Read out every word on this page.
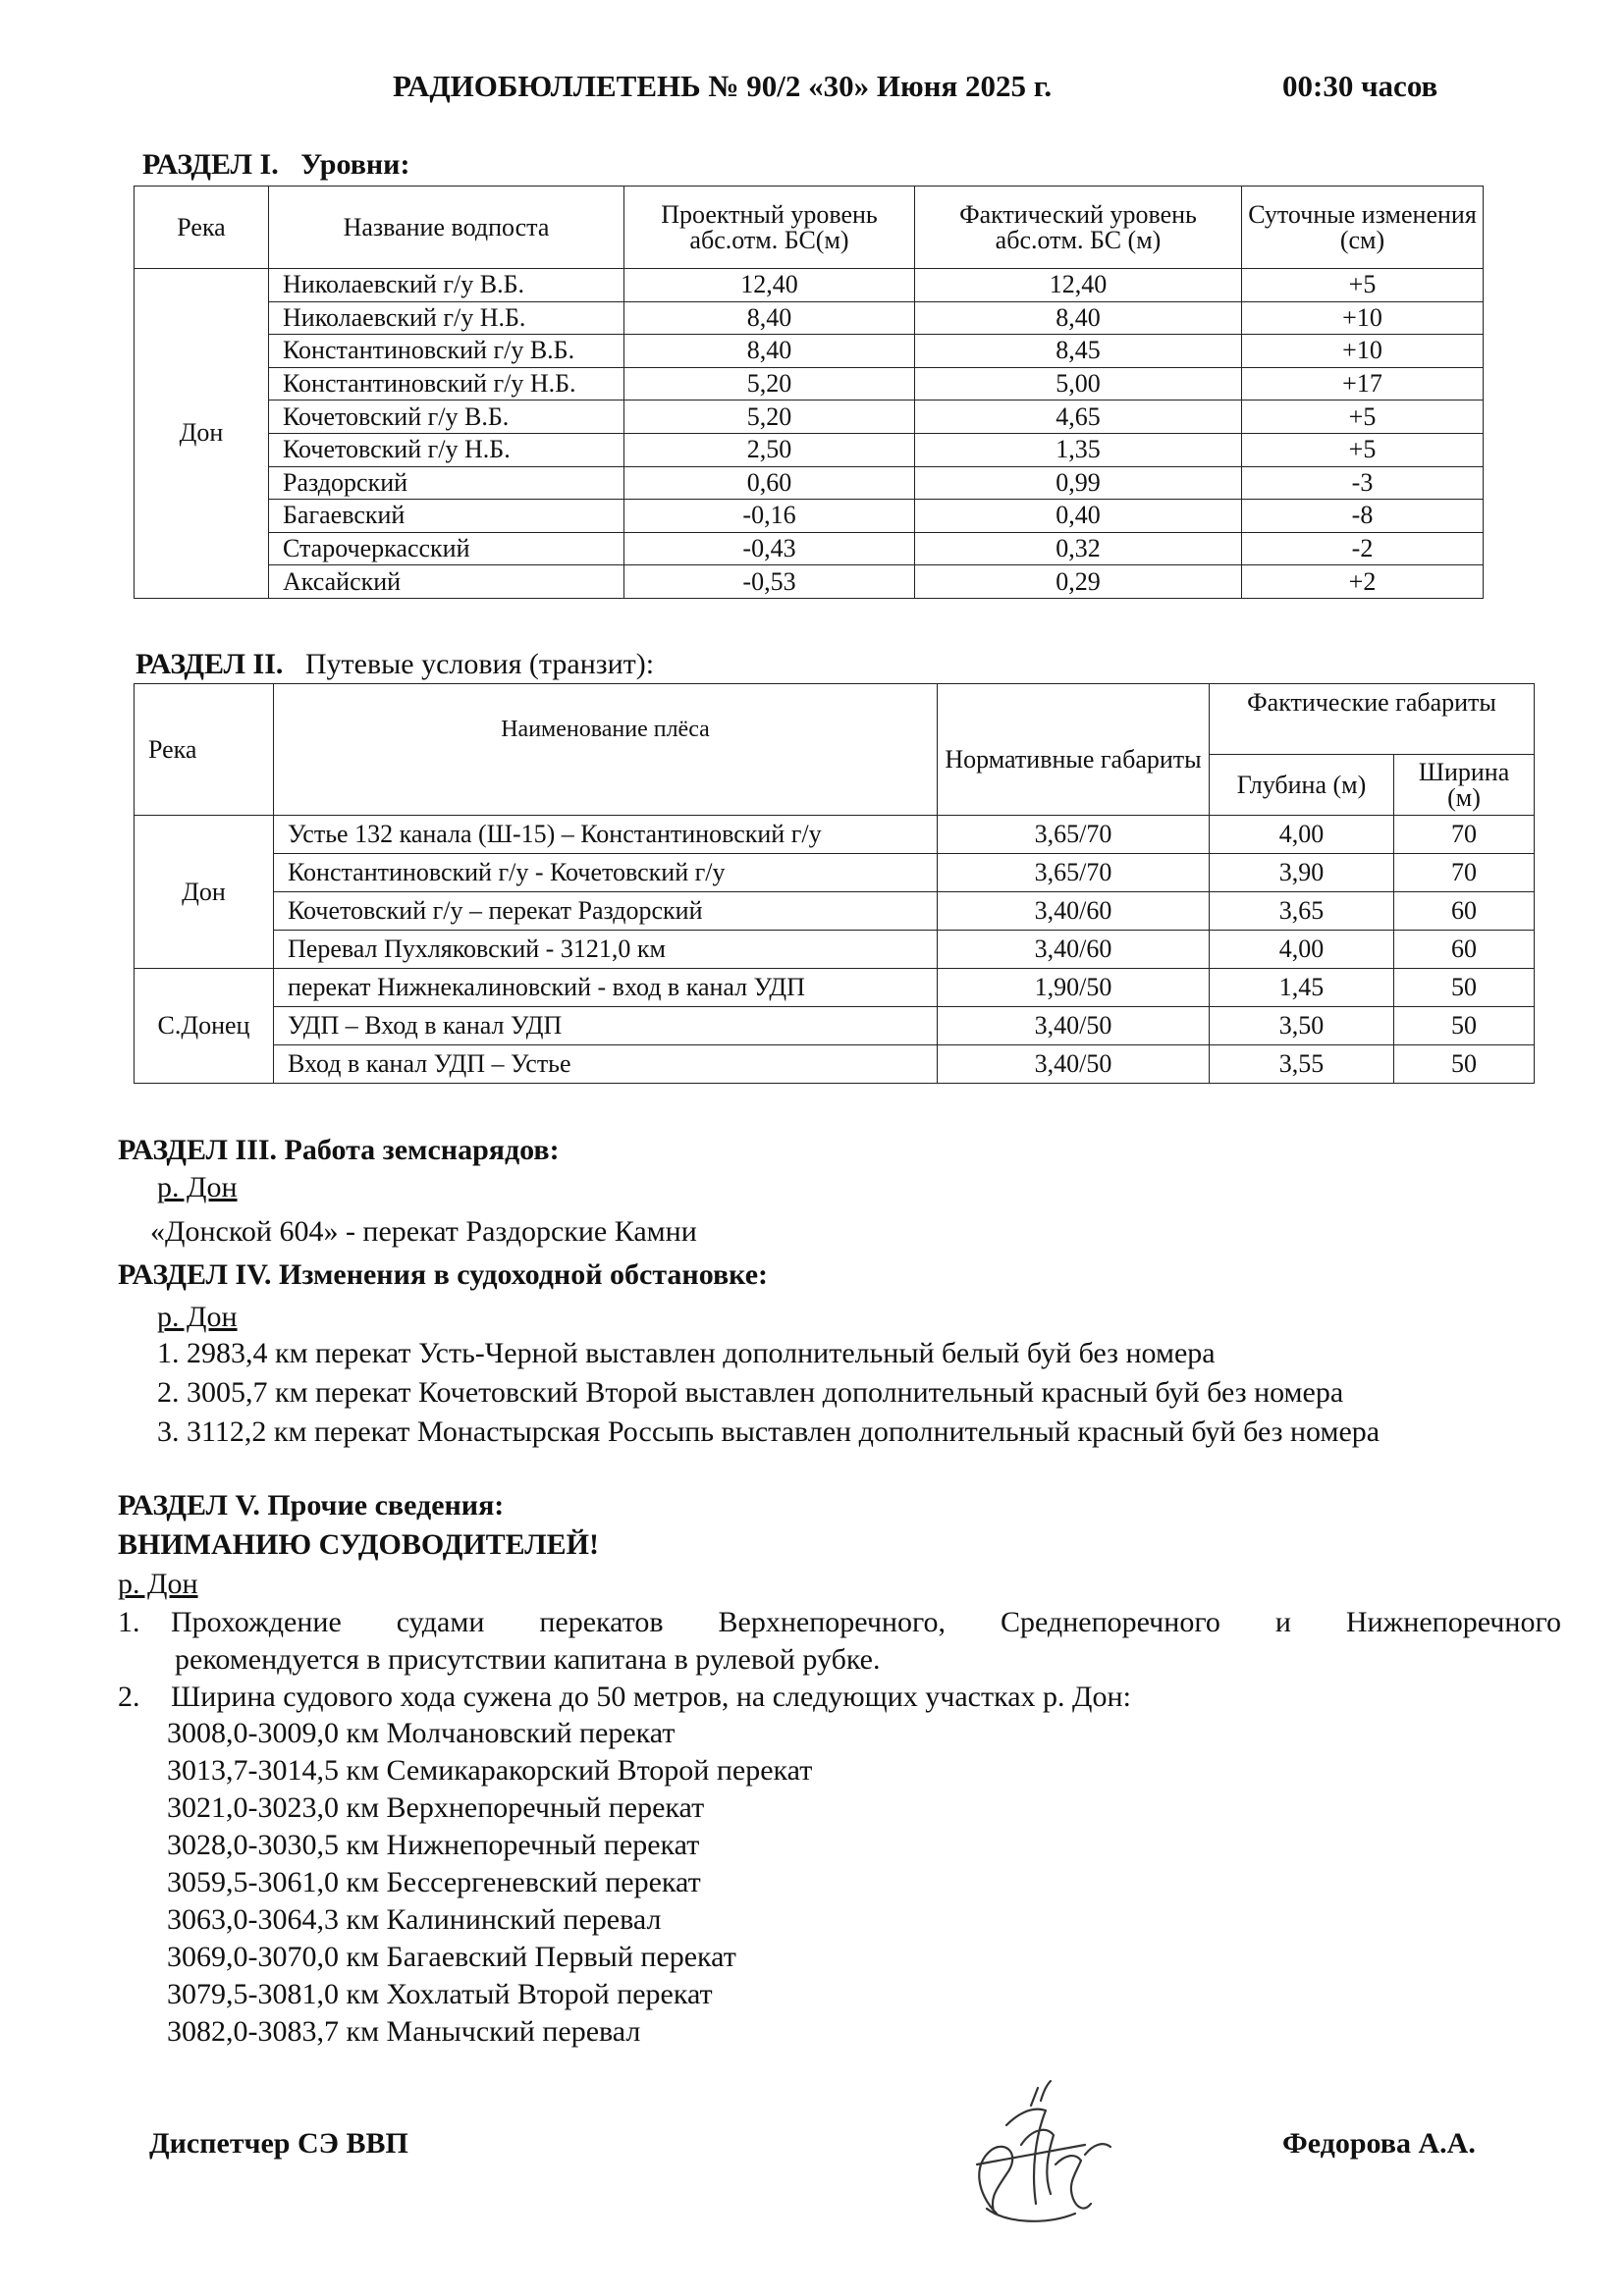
РАДИОБЮЛЛЕТЕНЬ № 90/2 «30» Июня 2025 г.	00:30 часов
РАЗДЕЛ I. Уровни:
Река	Название водпоста	Проектный уровень абс.отм. БС(м)	Фактический уровень абс.отм. БС (м)	Суточные изменения (см)
Дон	Николаевский г/у В.Б.	12,40	12,40	+5
	Николаевский г/у Н.Б.	8,40	8,40	+10
	Константиновский г/у В.Б.	8,40	8,45	+10
	Константиновский г/у Н.Б.	5,20	5,00	+17
	Кочетовский г/у В.Б.	5,20	4,65	+5
	Кочетовский г/у Н.Б.	2,50	1,35	+5
	Раздорский	0,60	0,99	-3
	Багаевский	-0,16	0,40	-8
	Старочеркасский	-0,43	0,32	-2
	Аксайский	-0,53	0,29	+2
РАЗДЕЛ II. Путевые условия (транзит):
Река	Наименование плёса	Нормативные габариты	Фактические габариты	
			Глубина (м)	Ширина (м)
Дон	Устье 132 канала (Ш-15) – Константиновский г/у	3,65/70	4,00	70
	Константиновский г/у - Кочетовский г/у	3,65/70	3,90	70
	Кочетовский г/у – перекат Раздорский	3,40/60	3,65	60
	Перевал Пухляковский - 3121,0 км	3,40/60	4,00	60
С.Донец	перекат Нижнекалиновский - вход в канал УДП	1,90/50	1,45	50
	УДП – Вход в канал УДП	3,40/50	3,50	50
	Вход в канал УДП – Устье	3,40/50	3,55	50
РАЗДЕЛ III. Работа земснарядов:
р. Дон
«Донской 604» - перекат Раздорские Камни
РАЗДЕЛ IV. Изменения в судоходной обстановке:
р. Дон
1. 2983,4 км перекат Усть-Черной выставлен дополнительный белый буй без номера
2. 3005,7 км перекат Кочетовский Второй выставлен дополнительный красный буй без номера
3. 3112,2 км перекат Монастырская Россыпь выставлен дополнительный красный буй без номера
РАЗДЕЛ V. Прочие сведения:
ВНИМАНИЮ СУДОВОДИТЕЛЕЙ!
р. Дон
1. Прохождение судами перекатов Верхнепоречного, Среднепоречного и Нижнепоречного
рекомендуется в присутствии капитана в рулевой рубке.
2. Ширина судового хода сужена до 50 метров, на следующих участках р. Дон:
3008,0-3009,0 км Молчановский перекат
3013,7-3014,5 км Семикаракорский Второй перекат
3021,0-3023,0 км Верхнепоречный перекат
3028,0-3030,5 км Нижнепоречный перекат
3059,5-3061,0 км Бессергеневский перекат
3063,0-3064,3 км Калининский перевал
3069,0-3070,0 км Багаевский Первый перекат
3079,5-3081,0 км Хохлатый Второй перекат
3082,0-3083,7 км Манычский перевал
Диспетчер СЭ ВВП	Федорова А.А.
